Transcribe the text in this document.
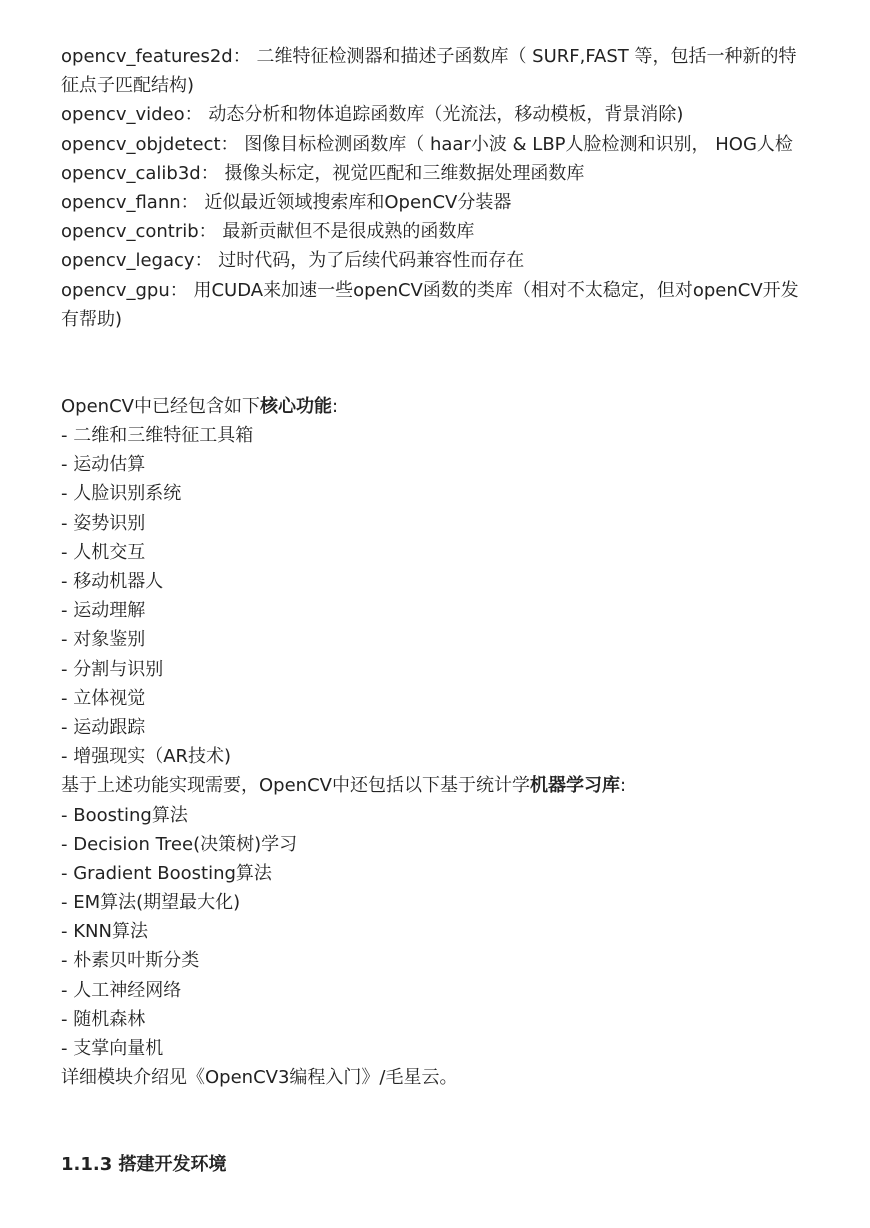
opencv_features2d： 二维特征检测器和描述子函数库（ SURF,FAST 等，包括一种新的特征点子匹配结构)
opencv_video： 动态分析和物体追踪函数库（光流法，移动模板，背景消除)
opencv_objdetect： 图像目标检测函数库（ haar小波 & LBP人脸检测和识别， HOG人检
opencv_calib3d： 摄像头标定，视觉匹配和三维数据处理函数库
opencv_flann： 近似最近领域搜索库和OpenCV分装器
opencv_contrib： 最新贡献但不是很成熟的函数库
opencv_legacy： 过时代码，为了后续代码兼容性而存在
opencv_gpu： 用CUDA来加速一些openCV函数的类库（相对不太稳定，但对openCV开发有帮助)
OpenCV中已经包含如下核心功能:
- 二维和三维特征工具箱
- 运动估算
- 人脸识别系统
- 姿势识别
- 人机交互
- 移动机器人
- 运动理解
- 对象鉴别
- 分割与识别
- 立体视觉
- 运动跟踪
- 增强现实（AR技术)
基于上述功能实现需要，OpenCV中还包括以下基于统计学机器学习库:
- Boosting算法
- Decision Tree(决策树)学习
- Gradient Boosting算法
- EM算法(期望最大化)
- KNN算法
- 朴素贝叶斯分类
- 人工神经网络
- 随机森林
- 支掌向量机
详细模块介绍见《OpenCV3编程入门》/毛星云。
1.1.3 搭建开发环境
